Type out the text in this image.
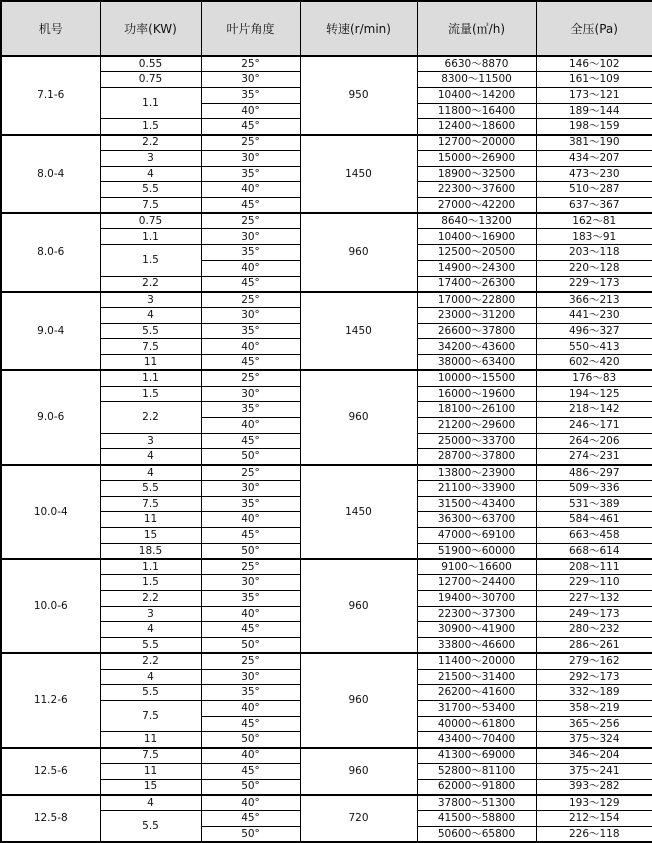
机号	功率(KW)	叶片角度	转速(r/min)	流量(㎥/h)	全压(Pa)
7.1-6	0.55	25°	950	6630～8870	146～102
	0.75	30°		8300～11500	161～109
	1.1	35°		10400～14200	173～121
		40°		11800～16400	189～144
	1.5	45°		12400～18600	198～159
8.0-4	2.2	25°	1450	12700～20000	381～190
	3	30°		15000～26900	434～207
	4	35°		18900～32500	473～230
	5.5	40°		22300～37600	510～287
	7.5	45°		27000～42200	637～367
8.0-6	0.75	25°	960	8640～13200	162～81
	1.1	30°		10400～16900	183～91
	1.5	35°		12500～20500	203～118
		40°		14900～24300	220～128
	2.2	45°		17400～26300	229～173
9.0-4	3	25°	1450	17000～22800	366～213
	4	30°		23000～31200	441～230
	5.5	35°		26600～37800	496～327
	7.5	40°		34200～43600	550～413
	11	45°		38000～63400	602～420
9.0-6	1.1	25°	960	10000～15500	176～83
	1.5	30°		16000～19600	194～125
	2.2	35°		18100～26100	218～142
		40°		21200～29600	246～171
	3	45°		25000～33700	264～206
	4	50°		28700～37800	274～231
10.0-4	4	25°	1450	13800～23900	486～297
	5.5	30°		21100～33900	509～336
	7.5	35°		31500～43400	531～389
	11	40°		36300～63700	584～461
	15	45°		47000～69100	663～458
	18.5	50°		51900～60000	668～614
10.0-6	1.1	25°	960	9100～16600	208～111
	1.5	30°		12700～24400	229～110
	2.2	35°		19400～30700	227～132
	3	40°		22300～37300	249～173
	4	45°		30900～41900	280～232
	5.5	50°		33800～46600	286～261
11.2-6	2.2	25°	960	11400～20000	279～162
	4	30°		21500～31400	292～173
	5.5	35°		26200～41600	332～189
	7.5	40°		31700～53400	358～219
		45°		40000～61800	365～256
	11	50°		43400～70400	375～324
12.5-6	7.5	40°	960	41300～69000	346～204
	11	45°		52800～81100	375～241
	15	50°		62000～91800	393～282
12.5-8	4	40°	720	37800～51300	193～129
	5.5	45°		41500～58800	212～154
		50°		50600～65800	226～118
